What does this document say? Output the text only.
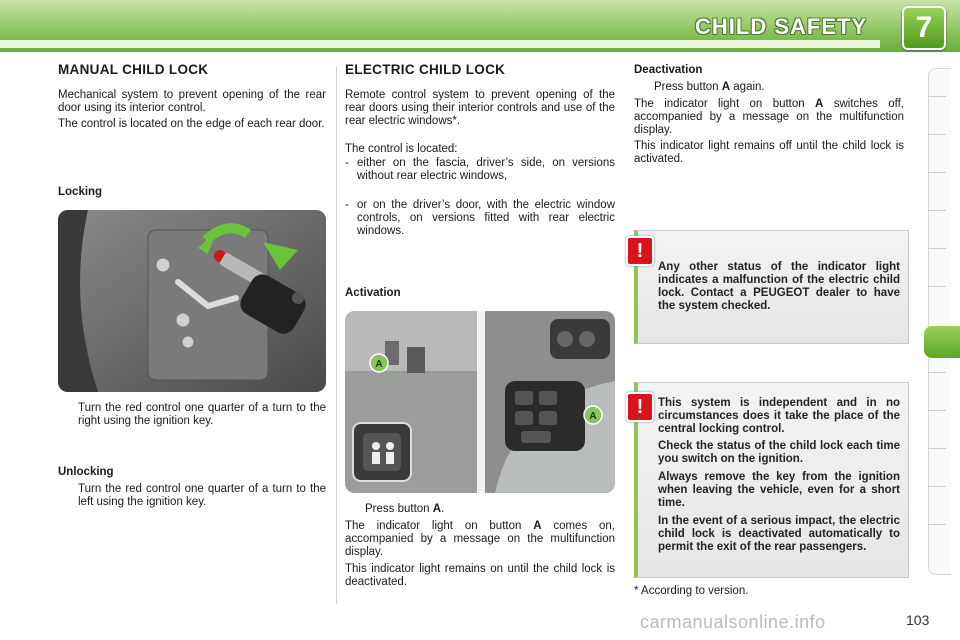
CHILD SAFETY	7
MANUAL CHILD LOCK

Mechanical system to prevent opening of the rear door using its interior control.

The control is located on the edge of each rear door.

Locking

Turn the red control one quarter of a turn to the right using the ignition key.

Unlocking

Turn the red control one quarter of a turn to the left using the ignition key.

ELECTRIC CHILD LOCK

Remote control system to prevent opening of the rear doors using their interior controls and use of the rear electric windows*.

The control is located:

- either on the fascia, driver’s side, on versions without rear electric windows,

- or on the driver’s door, with the electric window controls, on versions fitted with rear electric windows.

Activation
A
A

Press button A.

The indicator light on button A comes on, accompanied by a message on the multifunction display.

This indicator light remains on until the child lock is deactivated.

Deactivation

Press button A again.

The indicator light on button A switches off, accompanied by a message on the multifunction display.

This indicator light remains off until the child lock is activated.

Any other status of the indicator light indicates a malfunction of the electric child lock. Contact a PEUGEOT dealer to have the system checked.
!
This system is independent and in no circumstances does it take the place of the central locking control.
Check the status of the child lock each time you switch on the ignition.
Always remove the key from the ignition when leaving the vehicle, even for a short time.
In the event of a serious impact, the electric child lock is deactivated automatically to permit the exit of the rear passengers.
!

* According to version.

carmanualsonline.info	103
